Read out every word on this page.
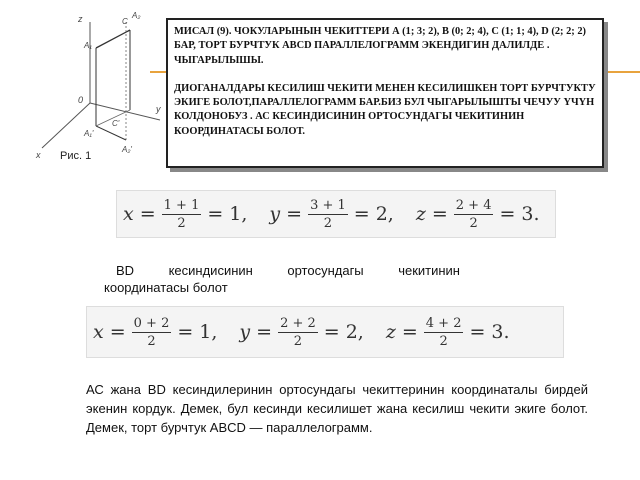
z
y
x
0
C
A₂
A₁
A₁'
C'
A₂'
Рис. 1

МИСАЛ (9). ЧОКУЛАРЫНЫН ЧЕКИТТЕРИ А (1; 3; 2), В (0; 2; 4), С (1; 1; 4), D (2; 2; 2) БАР, ТОРТ БУРЧТУК ABCD ПАРАЛЛЕЛОГРАММ ЭКЕНДИГИН ДАЛИЛДЕ .

ЧЫГАРЫЛЫШЫ.

ДИОГАНАЛДАРЫ КЕСИЛИШ ЧЕКИТИ МЕНЕН КЕСИЛИШКЕН ТОРТ БУРЧТУКТУ ЭКИГЕ БОЛОТ,ПАРАЛЛЕЛОГРАММ БАР.БИЗ БУЛ ЧЫГАРЫЛЫШТЫ ЧЕЧУУ ҮЧҮН КОЛДОНОБУЗ . АС КЕСИНДИСИНИН ОРТОСУНДАГЫ ЧЕКИТИНИН КООРДИНАТАСЫ БОЛОТ.

$x = \frac{1 + 1}{2} = 1$, $y = \frac{3 + 1}{2} = 2$, $z = \frac{2 + 4}{2} = 3$.
BD	кесиндисинин	ортосундагы	чекитинин
координатасы болот
$x = \frac{0 + 2}{2} = 1$, $y = \frac{2 + 2}{2} = 2$, $z = \frac{4 + 2}{2} = 3$.
АС жана BD кесиндилеринин ортосундагы чекиттеринин координаталы бирдей экенин кордук. Демек, бул кесинди кесилишет жана кесилиш чекити экиге болот. Демек, торт бурчтук ABCD — параллелограмм.
